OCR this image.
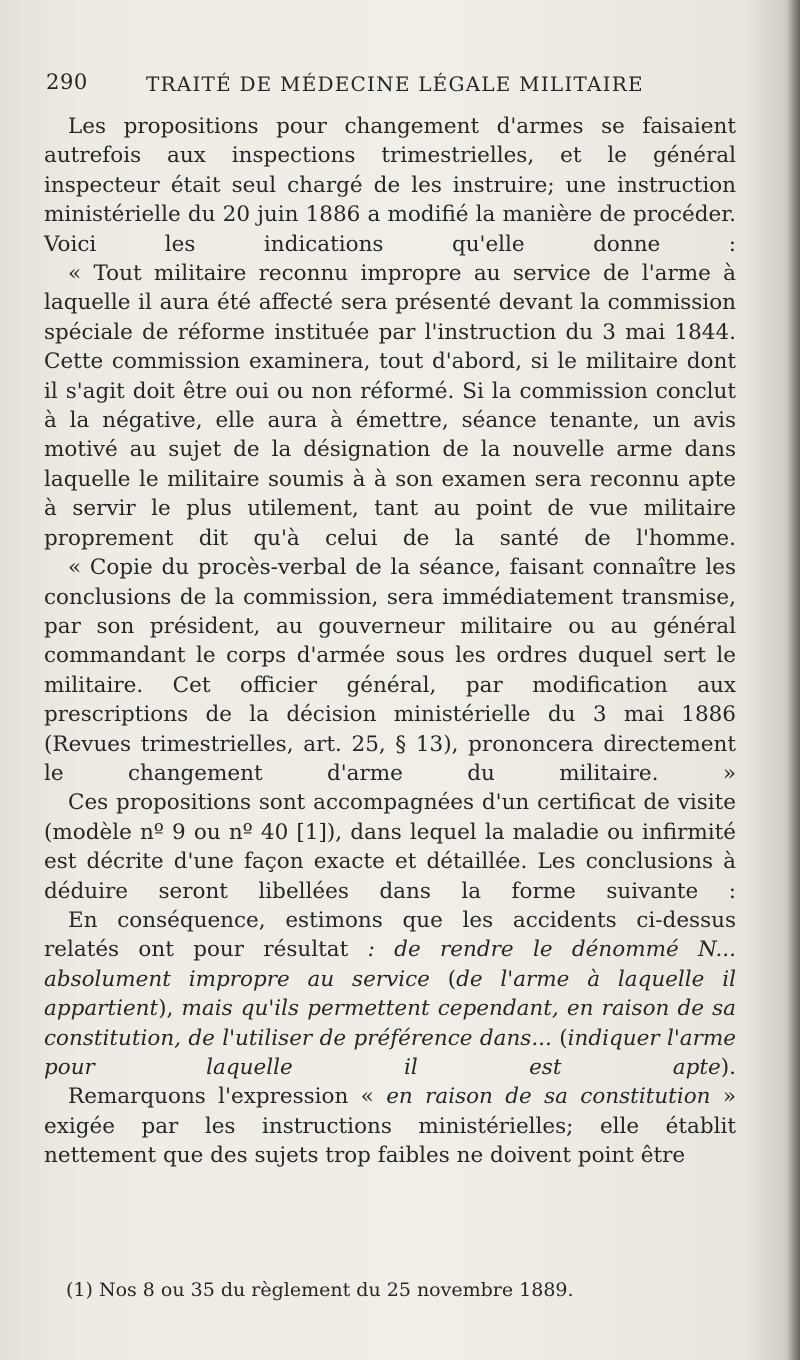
290	TRAITÉ DE MÉDECINE LÉGALE MILITAIRE

Les propositions pour changement d'armes se faisaient autrefois aux inspections trimestrielles, et le général inspecteur était seul chargé de les instruire; une instruction ministérielle du 20 juin 1886 a modifié la manière de procéder. Voici les indications qu'elle donne :

« Tout militaire reconnu impropre au service de l'arme à laquelle il aura été affecté sera présenté devant la commission spéciale de réforme instituée par l'instruction du 3 mai 1844. Cette commission examinera, tout d'abord, si le militaire dont il s'agit doit être oui ou non réformé. Si la commission conclut à la négative, elle aura à émettre, séance tenante, un avis motivé au sujet de la désignation de la nouvelle arme dans laquelle le militaire soumis à à son examen sera reconnu apte à servir le plus utilement, tant au point de vue militaire proprement dit qu'à celui de la santé de l'homme.

« Copie du procès-verbal de la séance, faisant connaître les conclusions de la commission, sera immédiatement transmise, par son président, au gouverneur militaire ou au général commandant le corps d'armée sous les ordres duquel sert le militaire. Cet officier général, par modification aux prescriptions de la décision ministérielle du 3 mai 1886 (Revues trimestrielles, art. 25, § 13), prononcera directement le changement d'arme du militaire. »

Ces propositions sont accompagnées d'un certificat de visite (modèle nº 9 ou nº 40 [1]), dans lequel la maladie ou infirmité est décrite d'une façon exacte et détaillée. Les conclusions à déduire seront libellées dans la forme suivante :

En conséquence, estimons que les accidents ci-dessus relatés ont pour résultat : de rendre le dénommé N... absolument impropre au service (de l'arme à laquelle il appartient), mais qu'ils permettent cependant, en raison de sa constitution, de l'utiliser de préférence dans... (indiquer l'arme pour laquelle il est apte).

Remarquons l'expression « en raison de sa constitution » exigée par les instructions ministérielles; elle établit nettement que des sujets trop faibles ne doivent point être

(1) Nos 8 ou 35 du règlement du 25 novembre 1889.
